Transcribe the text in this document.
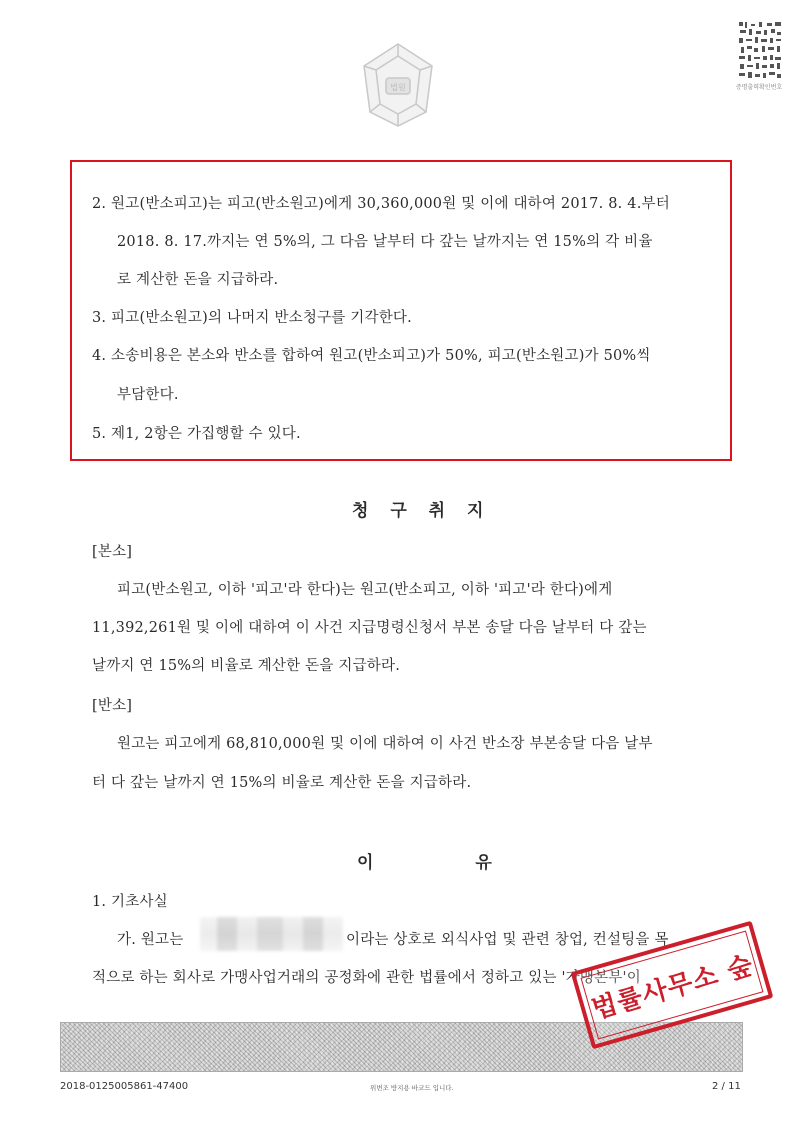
법원	증명출력확인번호
2. 원고(반소피고)는 피고(반소원고)에게 30,360,000원 및 이에 대하여 2017. 8. 4.부터
2018. 8. 17.까지는 연 5%의, 그 다음 날부터 다 갚는 날까지는 연 15%의 각 비율
로 계산한 돈을 지급하라.
3. 피고(반소원고)의 나머지 반소청구를 기각한다.
4. 소송비용은 본소와 반소를 합하여 원고(반소피고)가 50%, 피고(반소원고)가 50%씩
부담한다.
5. 제1, 2항은 가집행할 수 있다.
청 구 취 지
[본소]
피고(반소원고, 이하 '피고'라 한다)는 원고(반소피고, 이하 '피고'라 한다)에게
11,392,261원 및 이에 대하여 이 사건 지급명령신청서 부본 송달 다음 날부터 다 갚는
날까지 연 15%의 비율로 계산한 돈을 지급하라.
[반소]
원고는 피고에게 68,810,000원 및 이에 대하여 이 사건 반소장 부본송달 다음 날부
터 다 갚는 날까지 연 15%의 비율로 계산한 돈을 지급하라.
이 유
1. 기초사실
가. 원고는	이라는 상호로 외식사업 및 관련 창업, 컨설팅을 목
적으로 하는 회사로 가맹사업거래의 공정화에 관한 법률에서 정하고 있는 '가맹본부'이
법률사무소 숲
2018-0125005861-47400	위변조 방지용 바코드 입니다.	2 / 11
